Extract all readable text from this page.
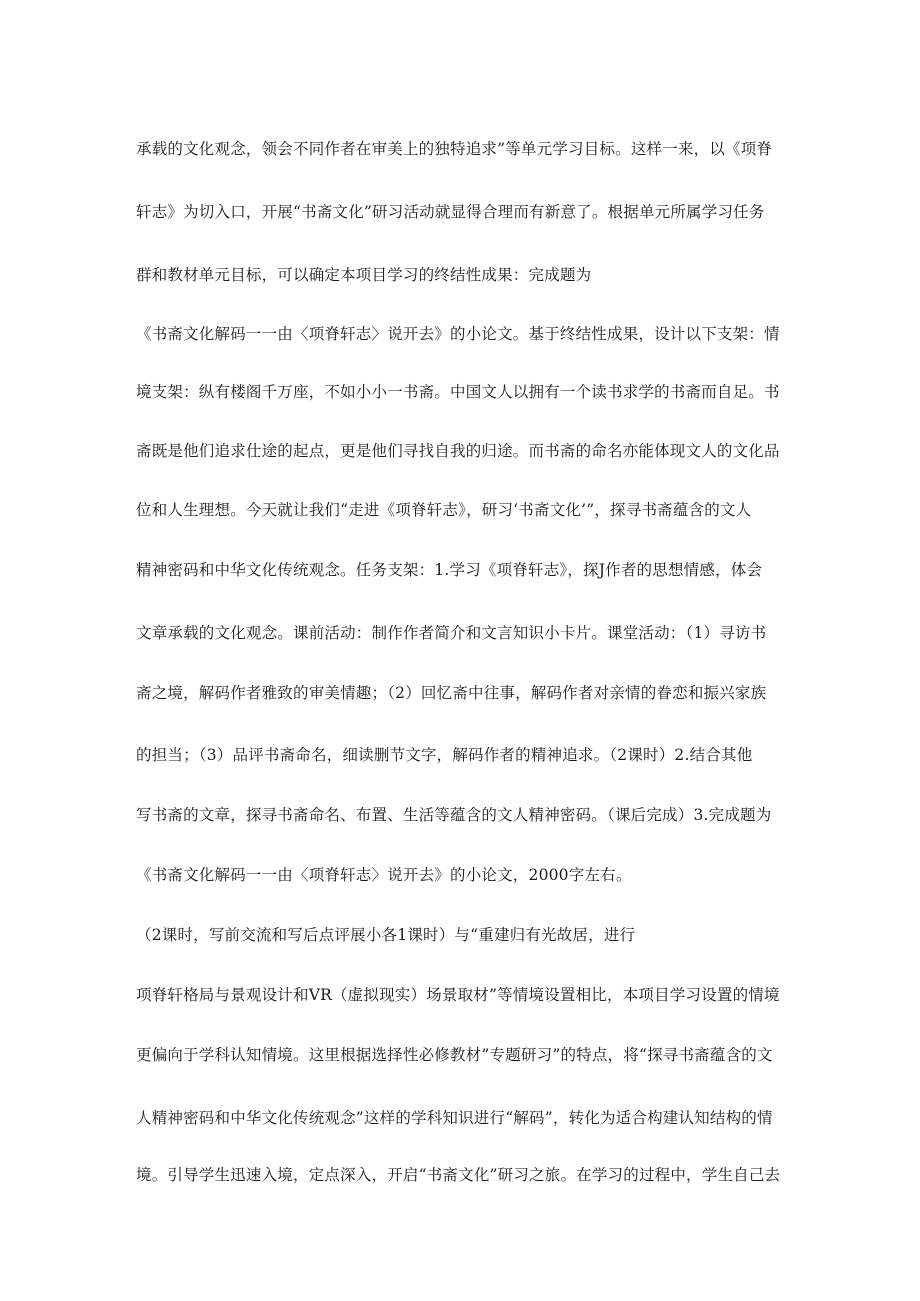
承载的文化观念，领会不同作者在审美上的独特追求”等单元学习目标。这样一来，以《项脊
轩志》为切入口，开展“书斋文化”研习活动就显得合理而有新意了。根据单元所属学习任务
群和教材单元目标，可以确定本项目学习的终结性成果：完成题为
《书斋文化解码一一由〈项脊轩志〉说开去》的小论文。基于终结性成果，设计以下支架：情
境支架：纵有楼阁千万座，不如小小一书斋。中国文人以拥有一个读书求学的书斋而自足。书
斋既是他们追求仕途的起点，更是他们寻找自我的归途。而书斋的命名亦能体现文人的文化品
位和人生理想。今天就让我们“走进《项脊轩志》，研习‘书斋文化’”，探寻书斋蕴含的文人
精神密码和中华文化传统观念。任务支架：1.学习《项脊轩志》，探J作者的思想情感，体会
文章承载的文化观念。课前活动：制作作者简介和文言知识小卡片。课堂活动：（1）寻访书
斋之境，解码作者雅致的审美情趣；（2）回忆斋中往事，解码作者对亲情的眷恋和振兴家族
的担当；（3）品评书斋命名，细读删节文字，解码作者的精神追求。（2课时）2.结合其他
写书斋的文章，探寻书斋命名、布置、生活等蕴含的文人精神密码。（课后完成）3.完成题为
《书斋文化解码一一由〈项脊轩志〉说开去》的小论文，2000字左右。
（2课时，写前交流和写后点评展小各1课时）与“重建归有光故居，进行
项脊轩格局与景观设计和VR（虚拟现实）场景取材”等情境设置相比，本项目学习设置的情境
更偏向于学科认知情境。这里根据选择性必修教材”专题研习”的特点，将“探寻书斋蕴含的文
人精神密码和中华文化传统观念”这样的学科知识进行“解码”，转化为适合构建认知结构的情
境。引导学生迅速入境，定点深入，开启“书斋文化”研习之旅。在学习的过程中，学生自己去
